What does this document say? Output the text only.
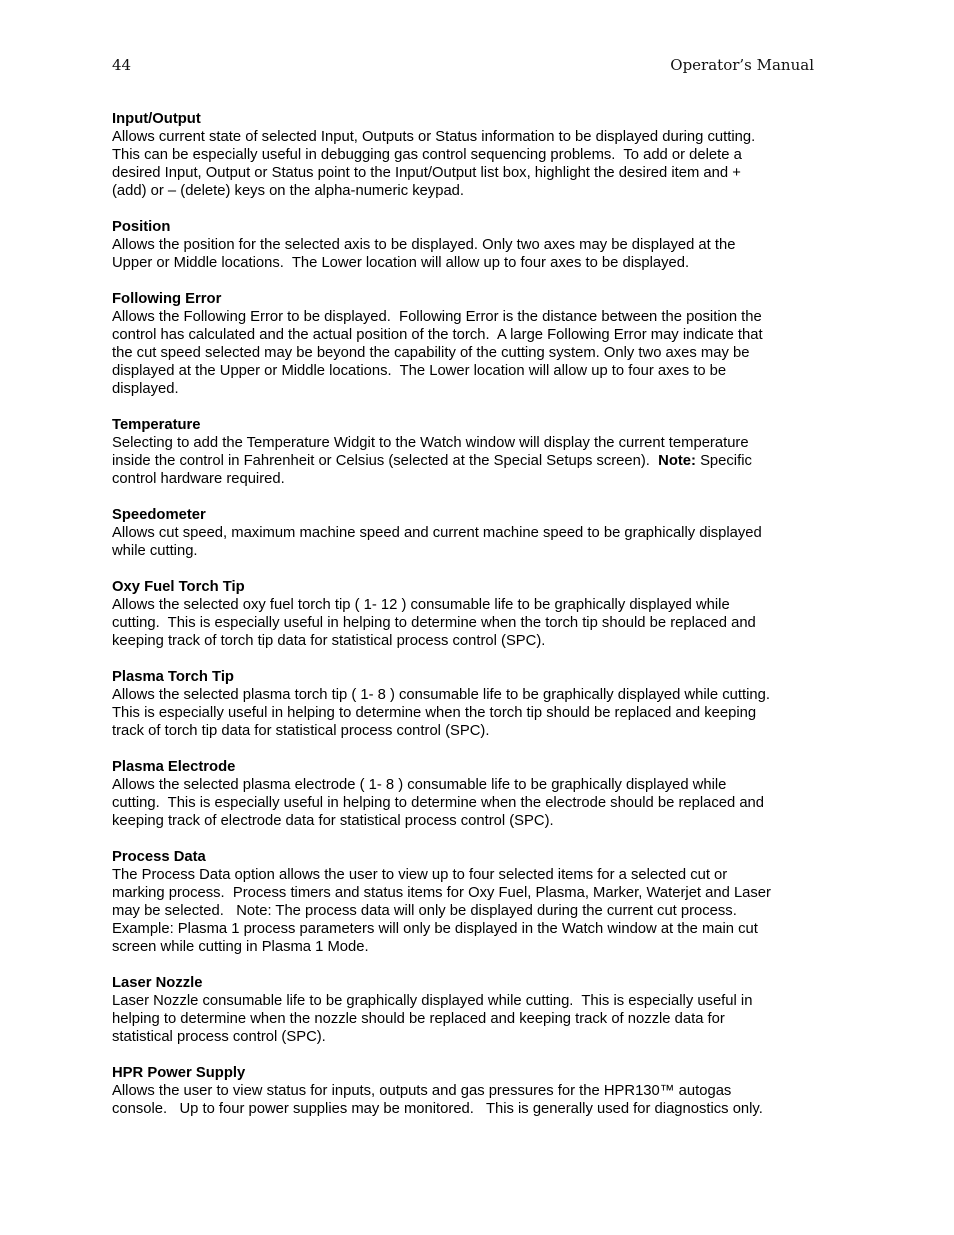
44	Operator’s Manual
Input/Output

Allows current state of selected Input, Outputs or Status information to be displayed during cutting.
This can be especially useful in debugging gas control sequencing problems.  To add or delete a
desired Input, Output or Status point to the Input/Output list box, highlight the desired item and +
(add) or – (delete) keys on the alpha-numeric keypad.

Position

Allows the position for the selected axis to be displayed. Only two axes may be displayed at the
Upper or Middle locations.  The Lower location will allow up to four axes to be displayed.

Following Error

Allows the Following Error to be displayed.  Following Error is the distance between the position the
control has calculated and the actual position of the torch.  A large Following Error may indicate that
the cut speed selected may be beyond the capability of the cutting system. Only two axes may be
displayed at the Upper or Middle locations.  The Lower location will allow up to four axes to be
displayed.

Temperature

Selecting to add the Temperature Widgit to the Watch window will display the current temperature
inside the control in Fahrenheit or Celsius (selected at the Special Setups screen).  Note: Specific
control hardware required.

Speedometer

Allows cut speed, maximum machine speed and current machine speed to be graphically displayed
while cutting.

Oxy Fuel Torch Tip

Allows the selected oxy fuel torch tip ( 1- 12 ) consumable life to be graphically displayed while
cutting.  This is especially useful in helping to determine when the torch tip should be replaced and
keeping track of torch tip data for statistical process control (SPC).

Plasma Torch Tip

Allows the selected plasma torch tip ( 1- 8 ) consumable life to be graphically displayed while cutting.
This is especially useful in helping to determine when the torch tip should be replaced and keeping
track of torch tip data for statistical process control (SPC).

Plasma Electrode

Allows the selected plasma electrode ( 1- 8 ) consumable life to be graphically displayed while
cutting.  This is especially useful in helping to determine when the electrode should be replaced and
keeping track of electrode data for statistical process control (SPC).

Process Data

The Process Data option allows the user to view up to four selected items for a selected cut or
marking process.  Process timers and status items for Oxy Fuel, Plasma, Marker, Waterjet and Laser
may be selected.   Note: The process data will only be displayed during the current cut process.
Example: Plasma 1 process parameters will only be displayed in the Watch window at the main cut
screen while cutting in Plasma 1 Mode.

Laser Nozzle

Laser Nozzle consumable life to be graphically displayed while cutting.  This is especially useful in
helping to determine when the nozzle should be replaced and keeping track of nozzle data for
statistical process control (SPC).

HPR Power Supply

Allows the user to view status for inputs, outputs and gas pressures for the HPR130™ autogas
console.   Up to four power supplies may be monitored.   This is generally used for diagnostics only.
